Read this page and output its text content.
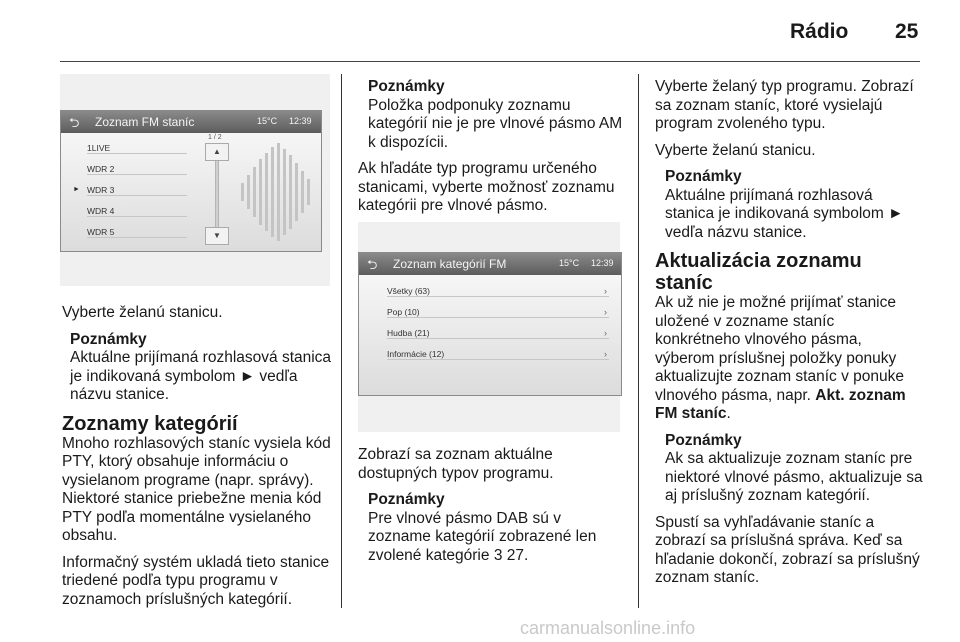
Rádio 25
⮌ Zoznam FM staníc	15°C 12:39
1LIVE
WDR 2
► WDR 3
WDR 4
WDR 5
1 / 2
▲
▼

Vyberte želanú stanicu.

Poznámky
Aktuálne prijímaná rozhlasová stanica je indikovaná symbolom ► vedľa názvu stanice.
Zoznamy kategórií

Mnoho rozhlasových staníc vysiela kód PTY, ktorý obsahuje informáciu o vysielanom programe (napr. správy). Niektoré stanice priebežne menia kód PTY podľa momentálne vysielaného obsahu.

Informačný systém ukladá tieto stanice triedené podľa typu programu v zoznamoch príslušných kategórií.

Poznámky
Položka podponuky zoznamu kategórií nie je pre vlnové pásmo AM k dispozícii.

Ak hľadáte typ programu určeného stanicami, vyberte možnosť zoznamu kategórii pre vlnové pásmo.

⮌ Zoznam kategórií FM	15°C 12:39
Všetky (63)	›
Pop (10)	›
Hudba (21)	›
Informácie (12)	›

Zobrazí sa zoznam aktuálne dostupných typov programu.

Poznámky
Pre vlnové pásmo DAB sú v zozname kategórií zobrazené len zvolené kategórie 3 27.

Vyberte želaný typ programu. Zobrazí sa zoznam staníc, ktoré vysielajú program zvoleného typu.

Vyberte želanú stanicu.

Poznámky
Aktuálne prijímaná rozhlasová stanica je indikovaná symbolom ► vedľa názvu stanice.
Aktualizácia zoznamu staníc

Ak už nie je možné prijímať stanice uložené v zozname staníc konkrétneho vlnového pásma, výberom príslušnej položky ponuky aktualizujte zoznam staníc v ponuke vlnového pásma, napr. Akt. zoznam FM staníc.

Poznámky
Ak sa aktualizuje zoznam staníc pre niektoré vlnové pásmo, aktualizuje sa aj príslušný zoznam kategórií.

Spustí sa vyhľadávanie staníc a zobrazí sa príslušná správa. Keď sa hľadanie dokončí, zobrazí sa príslušný zoznam staníc.

carmanualsonline.info
